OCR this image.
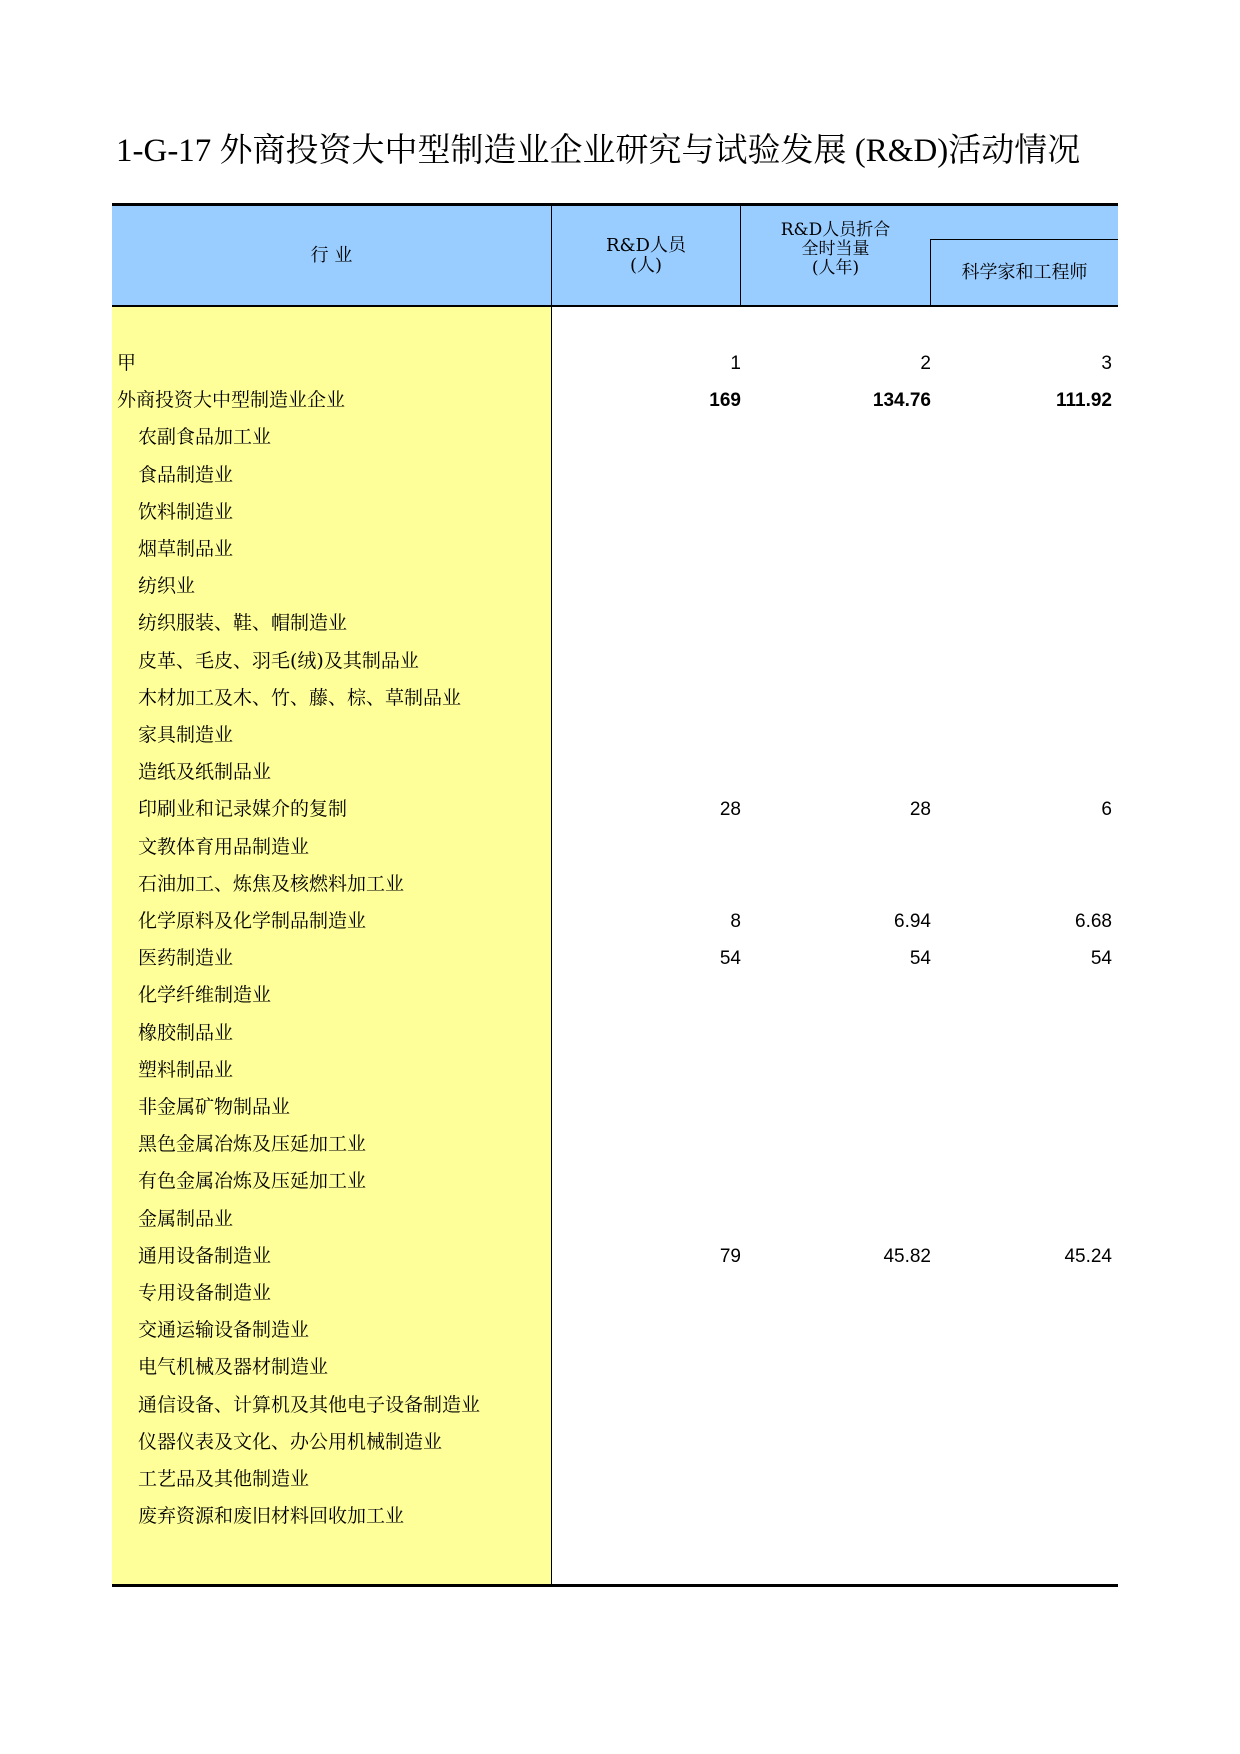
1-G-17 外商投资大中型制造业企业研究与试验发展 (R&D)活动情况
行 业	R&D人员
(人)
R&D人员折合
全时当量
(人年)	科学家和工程师
甲	1	2	3
外商投资大中型制造业企业	169	134.76	111.92
农副食品加工业
食品制造业
饮料制造业
烟草制品业
纺织业
纺织服装、鞋、帽制造业
皮革、毛皮、羽毛(绒)及其制品业
木材加工及木、竹、藤、棕、草制品业
家具制造业
造纸及纸制品业
印刷业和记录媒介的复制	28	28	6
文教体育用品制造业
石油加工、炼焦及核燃料加工业
化学原料及化学制品制造业	8	6.94	6.68
医药制造业	54	54	54
化学纤维制造业
橡胶制品业
塑料制品业
非金属矿物制品业
黑色金属冶炼及压延加工业
有色金属冶炼及压延加工业
金属制品业
通用设备制造业	79	45.82	45.24
专用设备制造业
交通运输设备制造业
电气机械及器材制造业
通信设备、计算机及其他电子设备制造业
仪器仪表及文化、办公用机械制造业
工艺品及其他制造业
废弃资源和废旧材料回收加工业
